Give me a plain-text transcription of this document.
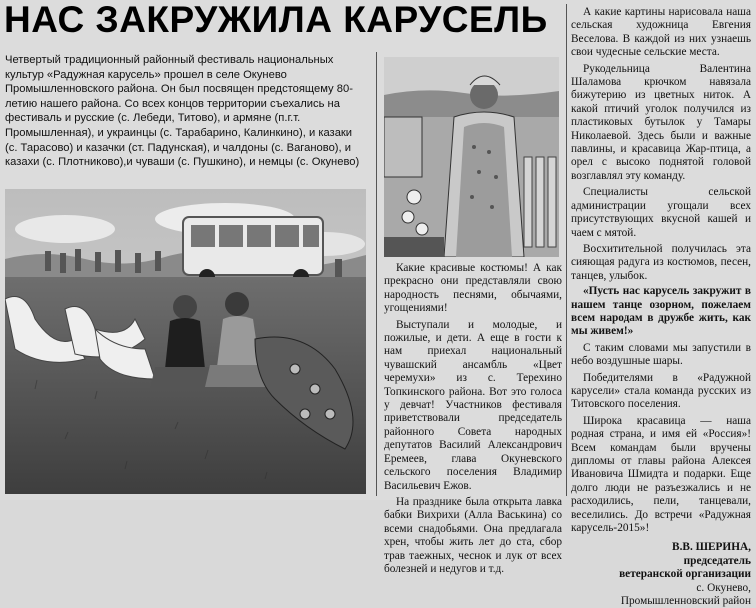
НАС ЗАКРУЖИЛА КАРУСЕЛЬ
Четвертый традиционный районный фестиваль национальных культур «Радужная карусель» прошел в селе Окунево Промышленновского района. Он был посвящен предстоящему 80-летию нашего района. Со всех концов территории съехались на фестиваль и русские (с. Лебеди, Титово), и армяне (п.г.т. Промышленная), и украинцы (с. Тарабарино, Калинкино), и казаки (с. Тарасово) и казачки (ст. Падунская), и чалдоны (с. Ваганово), и казахи (с. Плотниково),и чуваши (с. Пушкино), и немцы (с. Окунево)

Какие красивые костюмы! А как прекрасно они представляли свою народность песнями, обычаями, угощениями!

Выступали и молодые, и пожилые, и дети. А еще в гости к нам приехал национальный чувашский ансамбль «Цвет черемухи» из с. Терехино Топкинского района. Вот это голоса у девчат! Участников фестиваля приветствовали председатель районного Совета народных депутатов Василий Александрович Еремеев, глава Окуневского сельского поселения Владимир Васильевич Ежов.

На празднике была открыта лавка бабки Вихрихи (Алла Васькина) со всеми снадобьями. Она предлагала хрен, чтобы жить лет до ста, сбор трав таежных, чеснок и лук от всех болезней и недугов и т.д.

А какие картины нарисовала наша сельская художница Евгения Веселова. В каждой из них узнаешь свои чудесные сельские места.

Рукодельница Валентина Шаламова крючком навязала бижутерию из цветных ниток. А какой птичий уголок получился из пластиковых бутылок у Тамары Николаевой. Здесь были и важные павлины, и красавица Жар-птица, а орел с высоко поднятой головой возглавлял эту команду.

Специалисты сельской администрации угощали всех присутствующих вкусной кашей и чаем с мятой.

Восхитительной получилась эта сияющая радуга из костюмов, песен, танцев, улыбок.

«Пусть нас карусель закружит в нашем танце озорном, пожелаем всем народам в дружбе жить, как мы живем!»

С таким словами мы запустили в небо воздушные шары.

Победителями в «Радужной карусели» стала команда русских из Титовского поселения.

Широка красавица — наша родная страна, и имя ей «Россия»! Всем командам были вручены дипломы от главы района Алексея Ивановича Шмидта и подарки. Еще долго люди не разъезжались и не расходились, пели, танцевали, веселились. До встречи «Радужная карусель-2015»!

В.В. ШЕРИНА,
председатель
ветеранской организации
с. Окунево,
Промышленновский район
